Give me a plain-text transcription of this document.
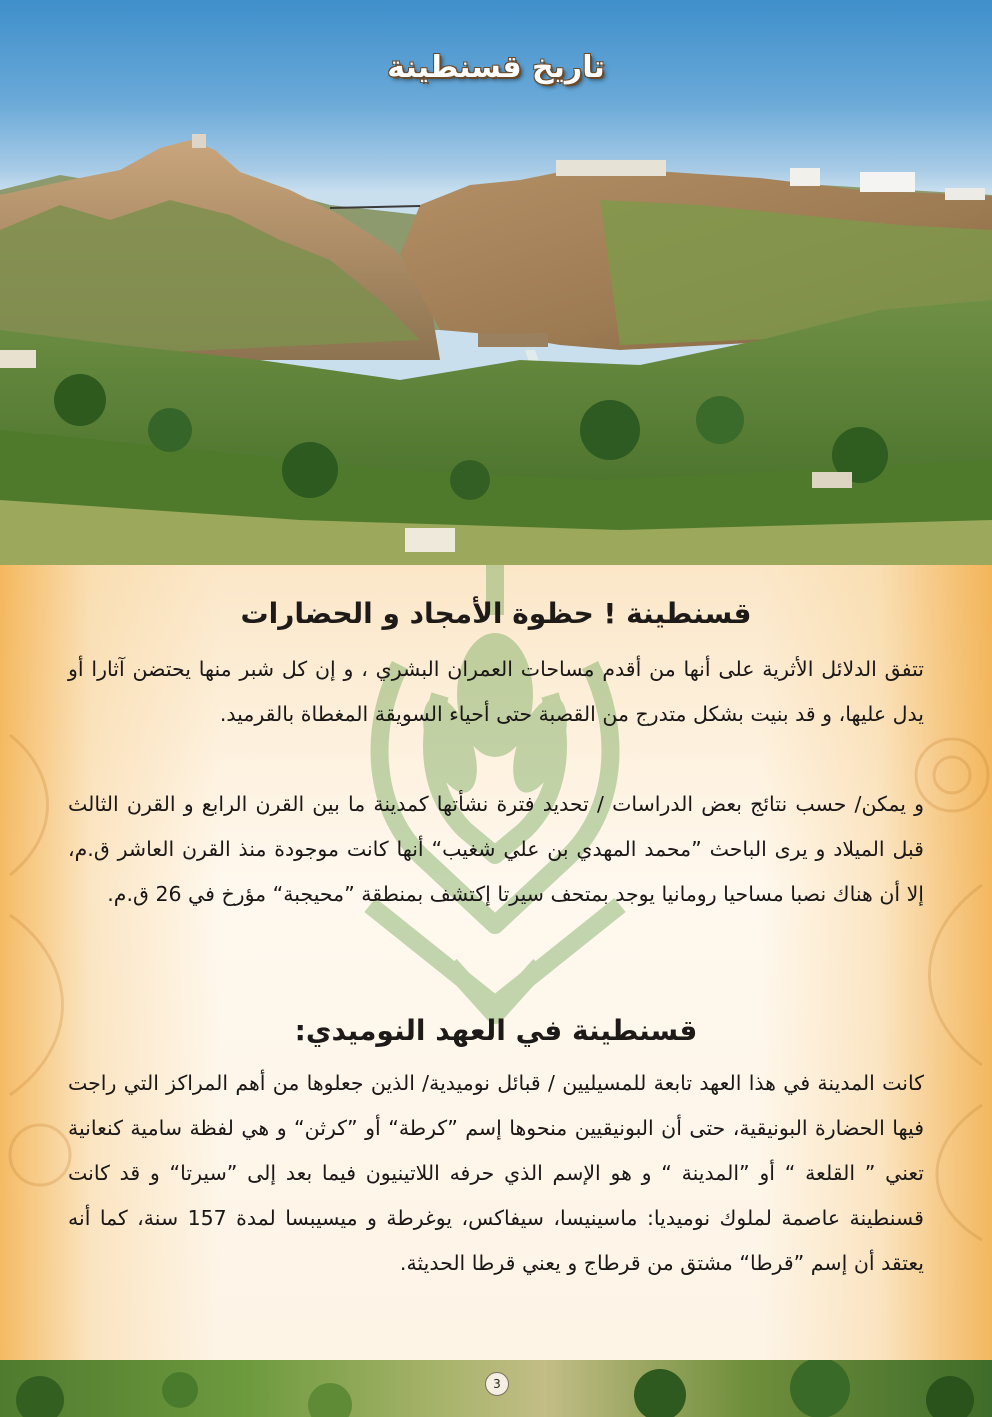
تاريخ قسنطينة
قسنطينة ! حظوة الأمجاد و الحضارات

تتفق الدلائل الأثرية على أنها من أقدم مساحات العمران البشري ، و إن كل شبر منها يحتضن آثارا أو يدل عليها، و قد بنيت بشكل متدرج من القصبة حتى أحياء السويقة المغطاة بالقرميد.

و يمكن/ حسب نتائج بعض الدراسات / تحديد فترة نشأتها كمدينة ما بين القرن الرابع و القرن الثالث قبل الميلاد و يرى الباحث ”محمد المهدي بن علي شغيب“ أنها كانت موجودة منذ القرن العاشر ق.م، إلا أن هناك نصبا مساحيا رومانيا يوجد بمتحف سيرتا إكتشف بمنطقة ”محيجبة“ مؤرخ في 26 ق.م.

قسنطينة في العهد النوميدي:

كانت المدينة في هذا العهد تابعة للمسيليين / قبائل نوميدية/ الذين جعلوها من أهم المراكز التي راجت فيها الحضارة البونيقية، حتى أن البونيقيين منحوها إسم ”كرطة“ أو ”كرثن“ و هي لفظة سامية كنعانية تعني ” القلعة “ أو ”المدينة “ و هو الإسم الذي حرفه اللاتينيون فيما بعد إلى ”سيرتا“ و قد كانت قسنطينة عاصمة لملوك نوميديا: ماسينيسا، سيفاكس، يوغرطة و ميسيبسا لمدة 157 سنة، كما أنه يعتقد أن إسم ”قرطا“ مشتق من قرطاج و يعني قرطا الحديثة.

3
